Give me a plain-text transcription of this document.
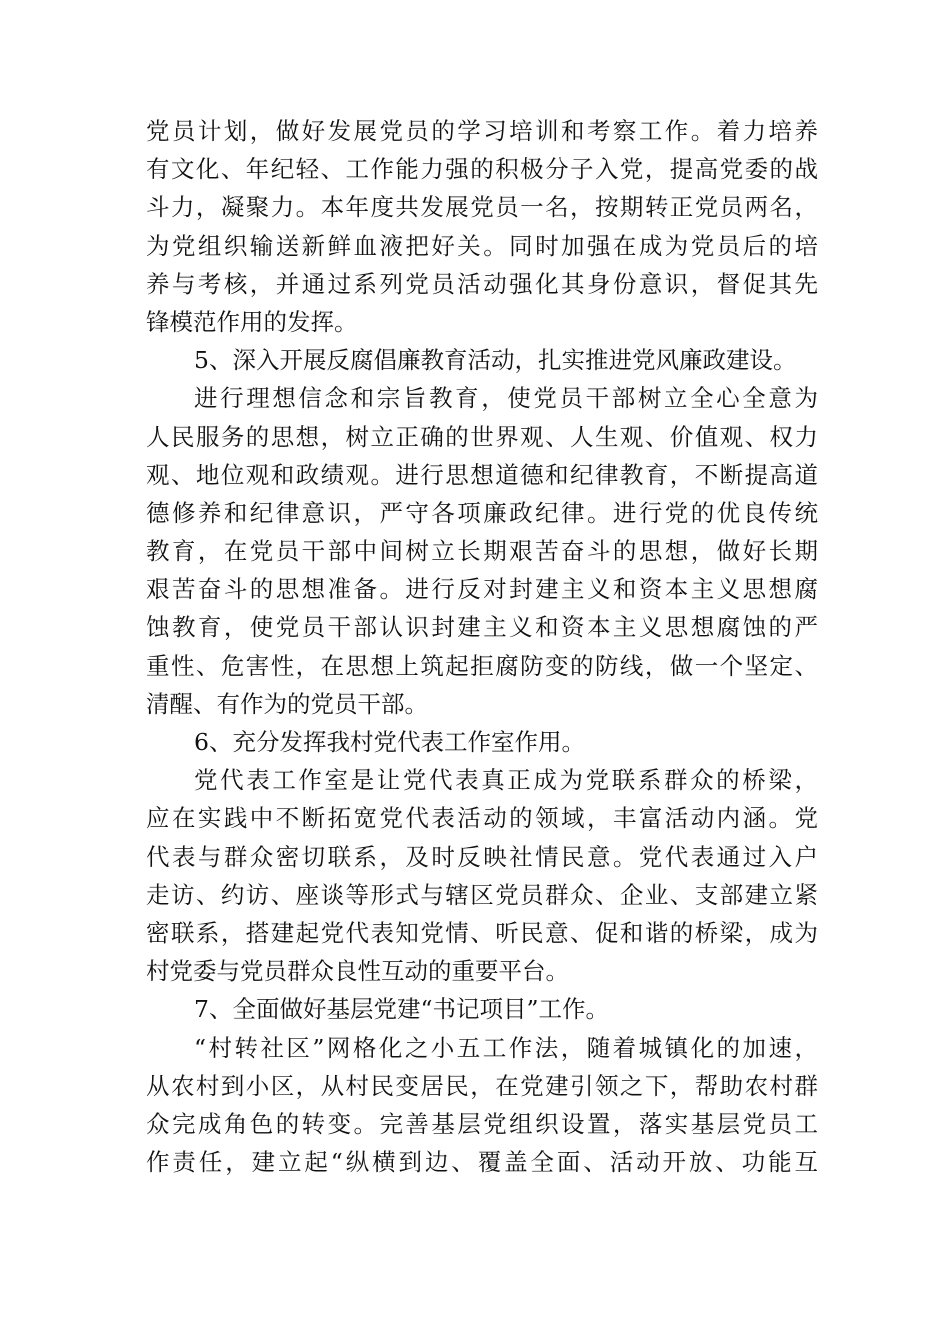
党员计划，做好发展党员的学习培训和考察工作。着力培养
有文化、年纪轻、工作能力强的积极分子入党，提高党委的战
斗力，凝聚力。本年度共发展党员一名，按期转正党员两名，
为党组织输送新鲜血液把好关。同时加强在成为党员后的培
养与考核，并通过系列党员活动强化其身份意识，督促其先
锋模范作用的发挥。
5、深入开展反腐倡廉教育活动，扎实推进党风廉政建设。
进行理想信念和宗旨教育，使党员干部树立全心全意为
人民服务的思想，树立正确的世界观、人生观、价值观、权力
观、地位观和政绩观。进行思想道德和纪律教育，不断提高道
德修养和纪律意识，严守各项廉政纪律。进行党的优良传统
教育，在党员干部中间树立长期艰苦奋斗的思想，做好长期
艰苦奋斗的思想准备。进行反对封建主义和资本主义思想腐
蚀教育，使党员干部认识封建主义和资本主义思想腐蚀的严
重性、危害性，在思想上筑起拒腐防变的防线，做一个坚定、
清醒、有作为的党员干部。
6、充分发挥我村党代表工作室作用。
党代表工作室是让党代表真正成为党联系群众的桥梁，
应在实践中不断拓宽党代表活动的领域，丰富活动内涵。党
代表与群众密切联系，及时反映社情民意。党代表通过入户
走访、约访、座谈等形式与辖区党员群众、企业、支部建立紧
密联系，搭建起党代表知党情、听民意、促和谐的桥梁，成为
村党委与党员群众良性互动的重要平台。
7、全面做好基层党建“书记项目”工作。
“村转社区”网格化之小五工作法，随着城镇化的加速，
从农村到小区，从村民变居民，在党建引领之下，帮助农村群
众完成角色的转变。完善基层党组织设置，落实基层党员工
作责任，建立起“纵横到边、覆盖全面、活动开放、功能互
